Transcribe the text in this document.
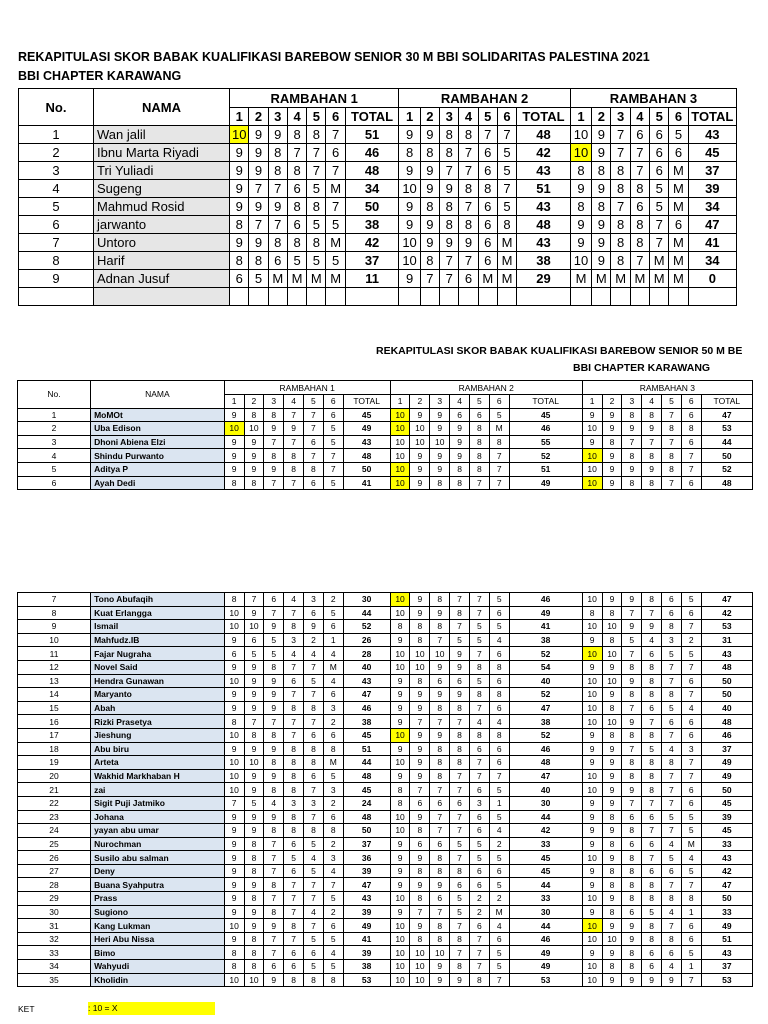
REKAPITULASI SKOR BABAK KUALIFIKASI BAREBOW SENIOR 30 M BBI SOLIDARITAS PALESTINA 2021
BBI CHAPTER KARAWANG
No.	NAMA	RAMBAHAN 1							RAMBAHAN 2							RAMBAHAN 3						
		1	2	3	4	5	6	TOTAL	1	2	3	4	5	6	TOTAL	1	2	3	4	5	6	TOTAL
1	Wan jalil	10	9	9	8	8	7	51	9	9	8	8	7	7	48	10	9	7	6	6	5	43
2	Ibnu Marta Riyadi	9	9	8	7	7	6	46	8	8	8	7	6	5	42	10	9	7	7	6	6	45
3	Tri Yuliadi	9	9	8	8	7	7	48	9	9	7	7	6	5	43	8	8	8	7	6	M	37
4	Sugeng	9	7	7	6	5	M	34	10	9	9	8	8	7	51	9	9	8	8	5	M	39
5	Mahmud Rosid	9	9	9	8	8	7	50	9	8	8	7	6	5	43	8	8	7	6	5	M	34
6	jarwanto	8	7	7	6	5	5	38	9	9	8	8	6	8	48	9	9	8	8	7	6	47
7	Untoro	9	9	8	8	8	M	42	10	9	9	9	6	M	43	9	9	8	8	7	M	41
8	Harif	8	8	6	5	5	5	37	10	8	7	7	6	M	38	10	9	8	7	M	M	34
9	Adnan Jusuf	6	5	M	M	M	M	11	9	7	7	6	M	M	29	M	M	M	M	M	M	0

REKAPITULASI SKOR BABAK KUALIFIKASI BAREBOW SENIOR 50 M BE
BBI CHAPTER KARAWANG
No.	NAMA	RAMBAHAN 1							RAMBAHAN 2							RAMBAHAN 3						
		1	2	3	4	5	6	TOTAL	1	2	3	4	5	6	TOTAL	1	2	3	4	5	6	TOTAL
1	MoMOt	9	8	8	7	7	6	45	10	9	9	6	6	5	45	9	9	8	8	7	6	47
2	Uba Edison	10	10	9	9	7	5	49	10	10	9	9	8	M	46	10	9	9	9	8	8	53
3	Dhoni Abiena Elzi	9	9	7	7	6	5	43	10	10	10	9	8	8	55	9	8	7	7	7	6	44
4	Shindu Purwanto	9	9	8	8	7	7	48	10	9	9	9	8	7	52	10	9	8	8	8	7	50
5	Aditya P	9	9	9	8	8	7	50	10	9	9	8	8	7	51	10	9	9	9	8	7	52
6	Ayah Dedi	8	8	7	7	6	5	41	10	9	8	8	7	7	49	10	9	8	8	7	6	48
7	Tono Abufaqih	8	7	6	4	3	2	30	10	9	8	7	7	5	46	10	9	9	8	6	5	47
8	Kuat Erlangga	10	9	7	7	6	5	44	10	9	9	8	7	6	49	8	8	7	7	6	6	42
9	Ismail	10	10	9	8	9	6	52	8	8	8	7	5	5	41	10	10	9	9	8	7	53
10	Mahfudz.IB	9	6	5	3	2	1	26	9	8	7	5	5	4	38	9	8	5	4	3	2	31
11	Fajar Nugraha	6	5	5	4	4	4	28	10	10	10	9	7	6	52	10	10	7	6	5	5	43
12	Novel Said	9	9	8	7	7	M	40	10	10	9	9	8	8	54	9	9	8	8	7	7	48
13	Hendra Gunawan	10	9	9	6	5	4	43	9	8	6	6	5	6	40	10	10	9	8	7	6	50
14	Maryanto	9	9	9	7	7	6	47	9	9	9	9	8	8	52	10	9	8	8	8	7	50
15	Abah	9	9	9	8	8	3	46	9	9	8	8	7	6	47	10	8	7	6	5	4	40
16	Rizki Prasetya	8	7	7	7	7	2	38	9	7	7	7	4	4	38	10	10	9	7	6	6	48
17	Jieshung	10	8	8	7	6	6	45	10	9	9	8	8	8	52	9	8	8	8	7	6	46
18	Abu biru	9	9	9	8	8	8	51	9	9	8	8	6	6	46	9	9	7	5	4	3	37
19	Arteta	10	10	8	8	8	M	44	10	9	8	8	7	6	48	9	9	8	8	8	7	49
20	Wakhid Markhaban H	10	9	9	8	6	5	48	9	9	8	7	7	7	47	10	9	8	8	7	7	49
21	zai	10	9	8	8	7	3	45	8	7	7	7	6	5	40	10	9	9	8	7	6	50
22	Sigit Puji Jatmiko	7	5	4	3	3	2	24	8	6	6	6	3	1	30	9	9	7	7	7	6	45
23	Johana	9	9	9	8	7	6	48	10	9	7	7	6	5	44	9	8	6	6	5	5	39
24	yayan abu umar	9	9	8	8	8	8	50	10	8	7	7	6	4	42	9	9	8	7	7	5	45
25	Nurochman	9	8	7	6	5	2	37	9	6	6	5	5	2	33	9	8	6	6	4	M	33
26	Susilo abu salman	9	8	7	5	4	3	36	9	9	8	7	5	5	45	10	9	8	7	5	4	43
27	Deny	9	8	7	6	5	4	39	9	8	8	8	6	6	45	9	8	8	6	6	5	42
28	Buana Syahputra	9	9	8	7	7	7	47	9	9	9	6	6	5	44	9	8	8	8	7	7	47
29	Prass	9	8	7	7	7	5	43	10	8	6	5	2	2	33	10	9	8	8	8	8	50
30	Sugiono	9	9	8	7	4	2	39	9	7	7	5	2	M	30	9	8	6	5	4	1	33
31	Kang Lukman	10	9	9	8	7	6	49	10	9	8	7	6	4	44	10	9	9	8	7	6	49
32	Heri Abu Nissa	9	8	7	7	5	5	41	10	8	8	8	7	6	46	10	10	9	8	8	6	51
33	Bimo	8	8	7	6	6	4	39	10	10	10	7	7	5	49	9	9	8	6	6	5	43
34	Wahyudi	8	8	6	6	5	5	38	10	10	9	8	7	5	49	10	8	8	6	4	1	37
35	Kholidin	10	10	9	8	8	8	53	10	10	9	9	8	7	53	10	9	9	9	9	7	53
KET	: 10 = X
